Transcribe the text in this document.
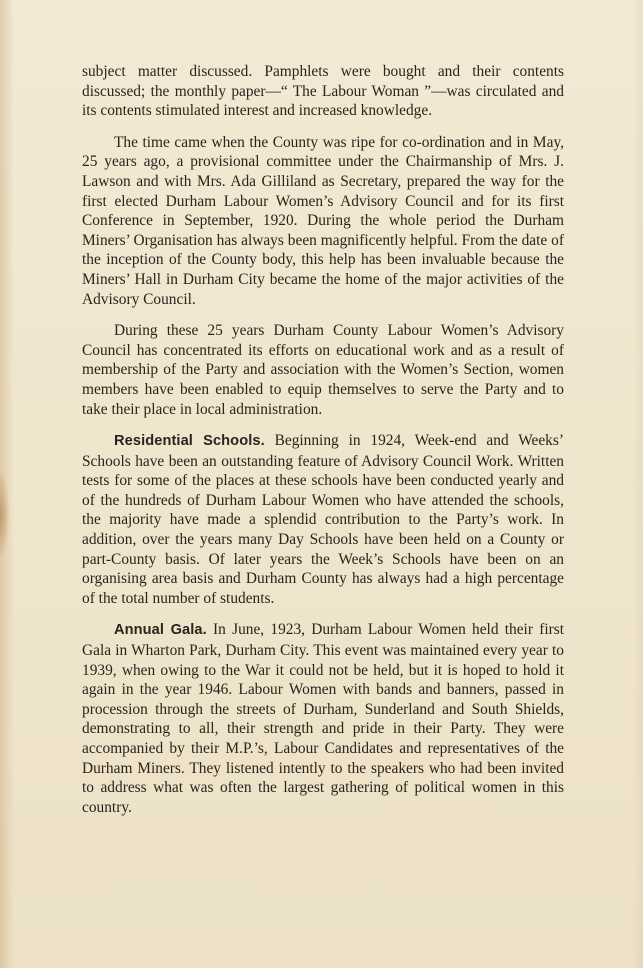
subject matter discussed. Pamphlets were bought and their contents discussed; the monthly paper—“ The Labour Woman ”—was circulated and its contents stimulated interest and increased knowledge.

The time came when the County was ripe for co-ordination and in May, 25 years ago, a provisional committee under the Chairmanship of Mrs. J. Lawson and with Mrs. Ada Gilliland as Secretary, prepared the way for the first elected Durham Labour Women’s Advisory Council and for its first Conference in September, 1920. During the whole period the Durham Miners’ Organisation has always been magnificently helpful. From the date of the inception of the County body, this help has been invaluable because the Miners’ Hall in Durham City became the home of the major activities of the Advisory Council.

During these 25 years Durham County Labour Women’s Advisory Council has concentrated its efforts on educational work and as a result of membership of the Party and association with the Women’s Section, women members have been enabled to equip themselves to serve the Party and to take their place in local administration.

Residential Schools. Beginning in 1924, Week-end and Weeks’ Schools have been an outstanding feature of Advisory Council Work. Written tests for some of the places at these schools have been conducted yearly and of the hundreds of Durham Labour Women who have attended the schools, the majority have made a splendid contribution to the Party’s work. In addition, over the years many Day Schools have been held on a County or part-County basis. Of later years the Week’s Schools have been on an organising area basis and Durham County has always had a high percentage of the total number of students.

Annual Gala. In June, 1923, Durham Labour Women held their first Gala in Wharton Park, Durham City. This event was maintained every year to 1939, when owing to the War it could not be held, but it is hoped to hold it again in the year 1946. Labour Women with bands and banners, passed in procession through the streets of Durham, Sunderland and South Shields, demonstrating to all, their strength and pride in their Party. They were accompanied by their M.P.’s, Labour Candidates and representatives of the Durham Miners. They listened intently to the speakers who had been invited to address what was often the largest gathering of political women in this country.
